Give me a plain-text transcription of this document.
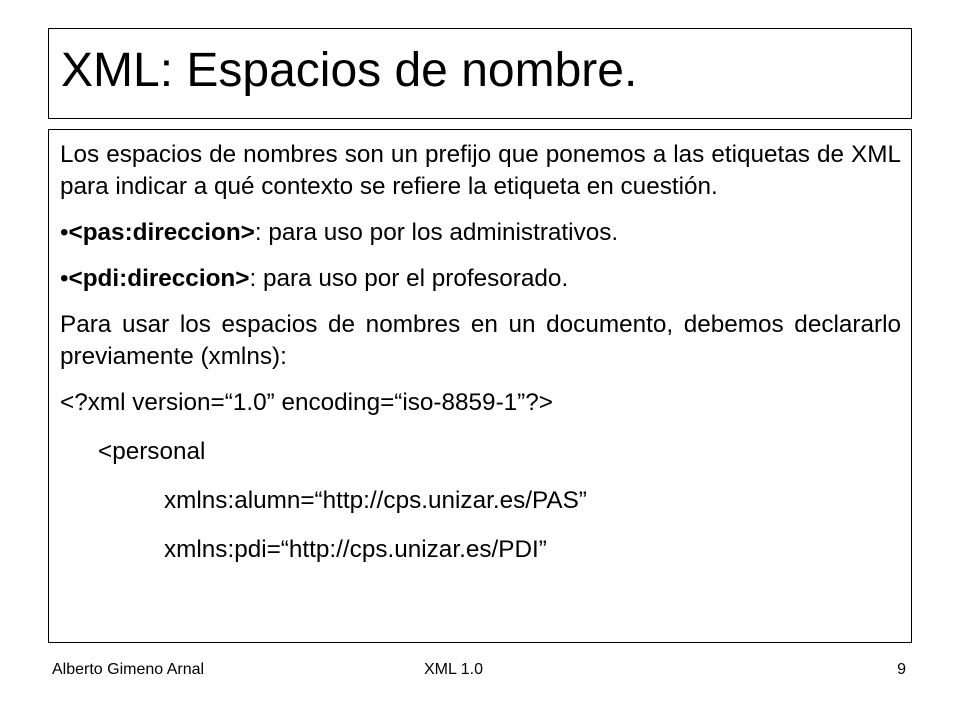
XML: Espacios de nombre.

Los espacios de nombres son un prefijo que ponemos a las etiquetas de XML para indicar a qué contexto se refiere la etiqueta en cuestión.

•<pas:direccion>: para uso por los administrativos.
•<pdi:direccion>: para uso por el profesorado.

Para usar los espacios de nombres en un documento, debemos declararlo previamente (xmlns):

<?xml version=“1.0” encoding=“iso-8859-1”?>
<personal
xmlns:alumn=“http://cps.unizar.es/PAS”
xmlns:pdi=“http://cps.unizar.es/PDI”
Alberto Gimeno Arnal	XML 1.0	9
